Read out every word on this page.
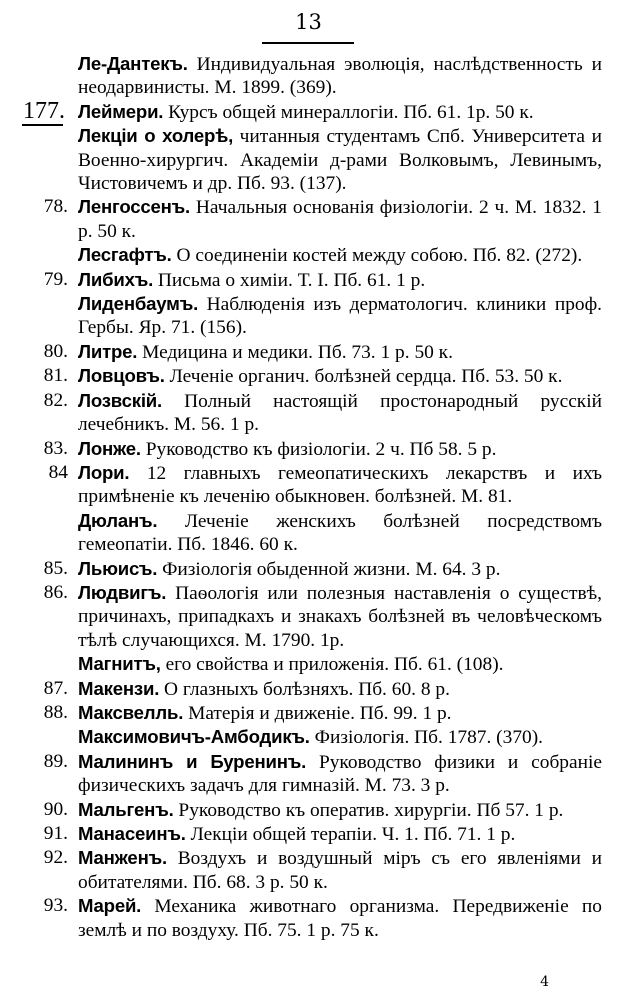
13
Ле-Дантекъ. Индивидуальная эволюція, наслѣдственность и неодарвинисты. М. 1899. (369).
177. Леймери. Курсъ общей минераллогіи. Пб. 61. 1р. 50 к.
Лекціи о холерѣ, читанныя студентамъ Спб. Университета и Военно-хирургич. Академіи д-рами Волковымъ, Левинымъ, Чистовичемъ и др. Пб. 93. (137).
78. Ленгоссенъ. Начальныя основанія физіологіи. 2 ч. М. 1832. 1 р. 50 к.
Лесгафтъ. О соединеніи костей между собою. Пб. 82. (272).
79. Либихъ. Письма о химіи. Т. I. Пб. 61. 1 р.
Лиденбаумъ. Наблюденія изъ дерматологич. клиники проф. Гербы. Яр. 71. (156).
80. Литре. Медицина и медики. Пб. 73. 1 р. 50 к.
81. Ловцовъ. Леченіе органич. болѣзней сердца. Пб. 53. 50 к.
82. Лозвскій. Полный настоящій простонародный русскій лечебникъ. М. 56. 1 р.
83. Лонже. Руководство къ физіологіи. 2 ч. Пб 58. 5 р.
84 Лори. 12 главныхъ гемеопатическихъ лекарствъ и ихъ примѣненіе къ леченію обыкновен. болѣзней. М. 81.
Дюланъ. Леченіе женскихъ болѣзней посредствомъ гемеопатіи. Пб. 1846. 60 к.
85. Льюисъ. Физіологія обыденной жизни. М. 64. 3 р.
86. Людвигъ. Паѳологія или полезныя наставленія о существѣ, причинахъ, припадкахъ и знакахъ болѣзней въ человѣческомъ тѣлѣ случающихся. М. 1790. 1р.
Магнитъ, его свойства и приложенія. Пб. 61. (108).
87. Макензи. О глазныхъ болѣзняхъ. Пб. 60. 8 р.
88. Максвелль. Матерія и движеніе. Пб. 99. 1 р.
Максимовичъ-Амбодикъ. Физіологія. Пб. 1787. (370).
89. Малининъ и Буренинъ. Руководство физики и собраніе физическихъ задачъ для гимназій. М. 73. 3 р.
90. Мальгенъ. Руководство къ оператив. хирургіи. Пб 57. 1 р.
91. Манасеинъ. Лекціи общей терапіи. Ч. 1. Пб. 71. 1 р.
92. Манженъ. Воздухъ и воздушный міръ съ его явленіями и обитателями. Пб. 68. 3 р. 50 к.
93. Марей. Механика животнаго организма. Передвиженіе по землѣ и по воздуху. Пб. 75. 1 р. 75 к.
4
